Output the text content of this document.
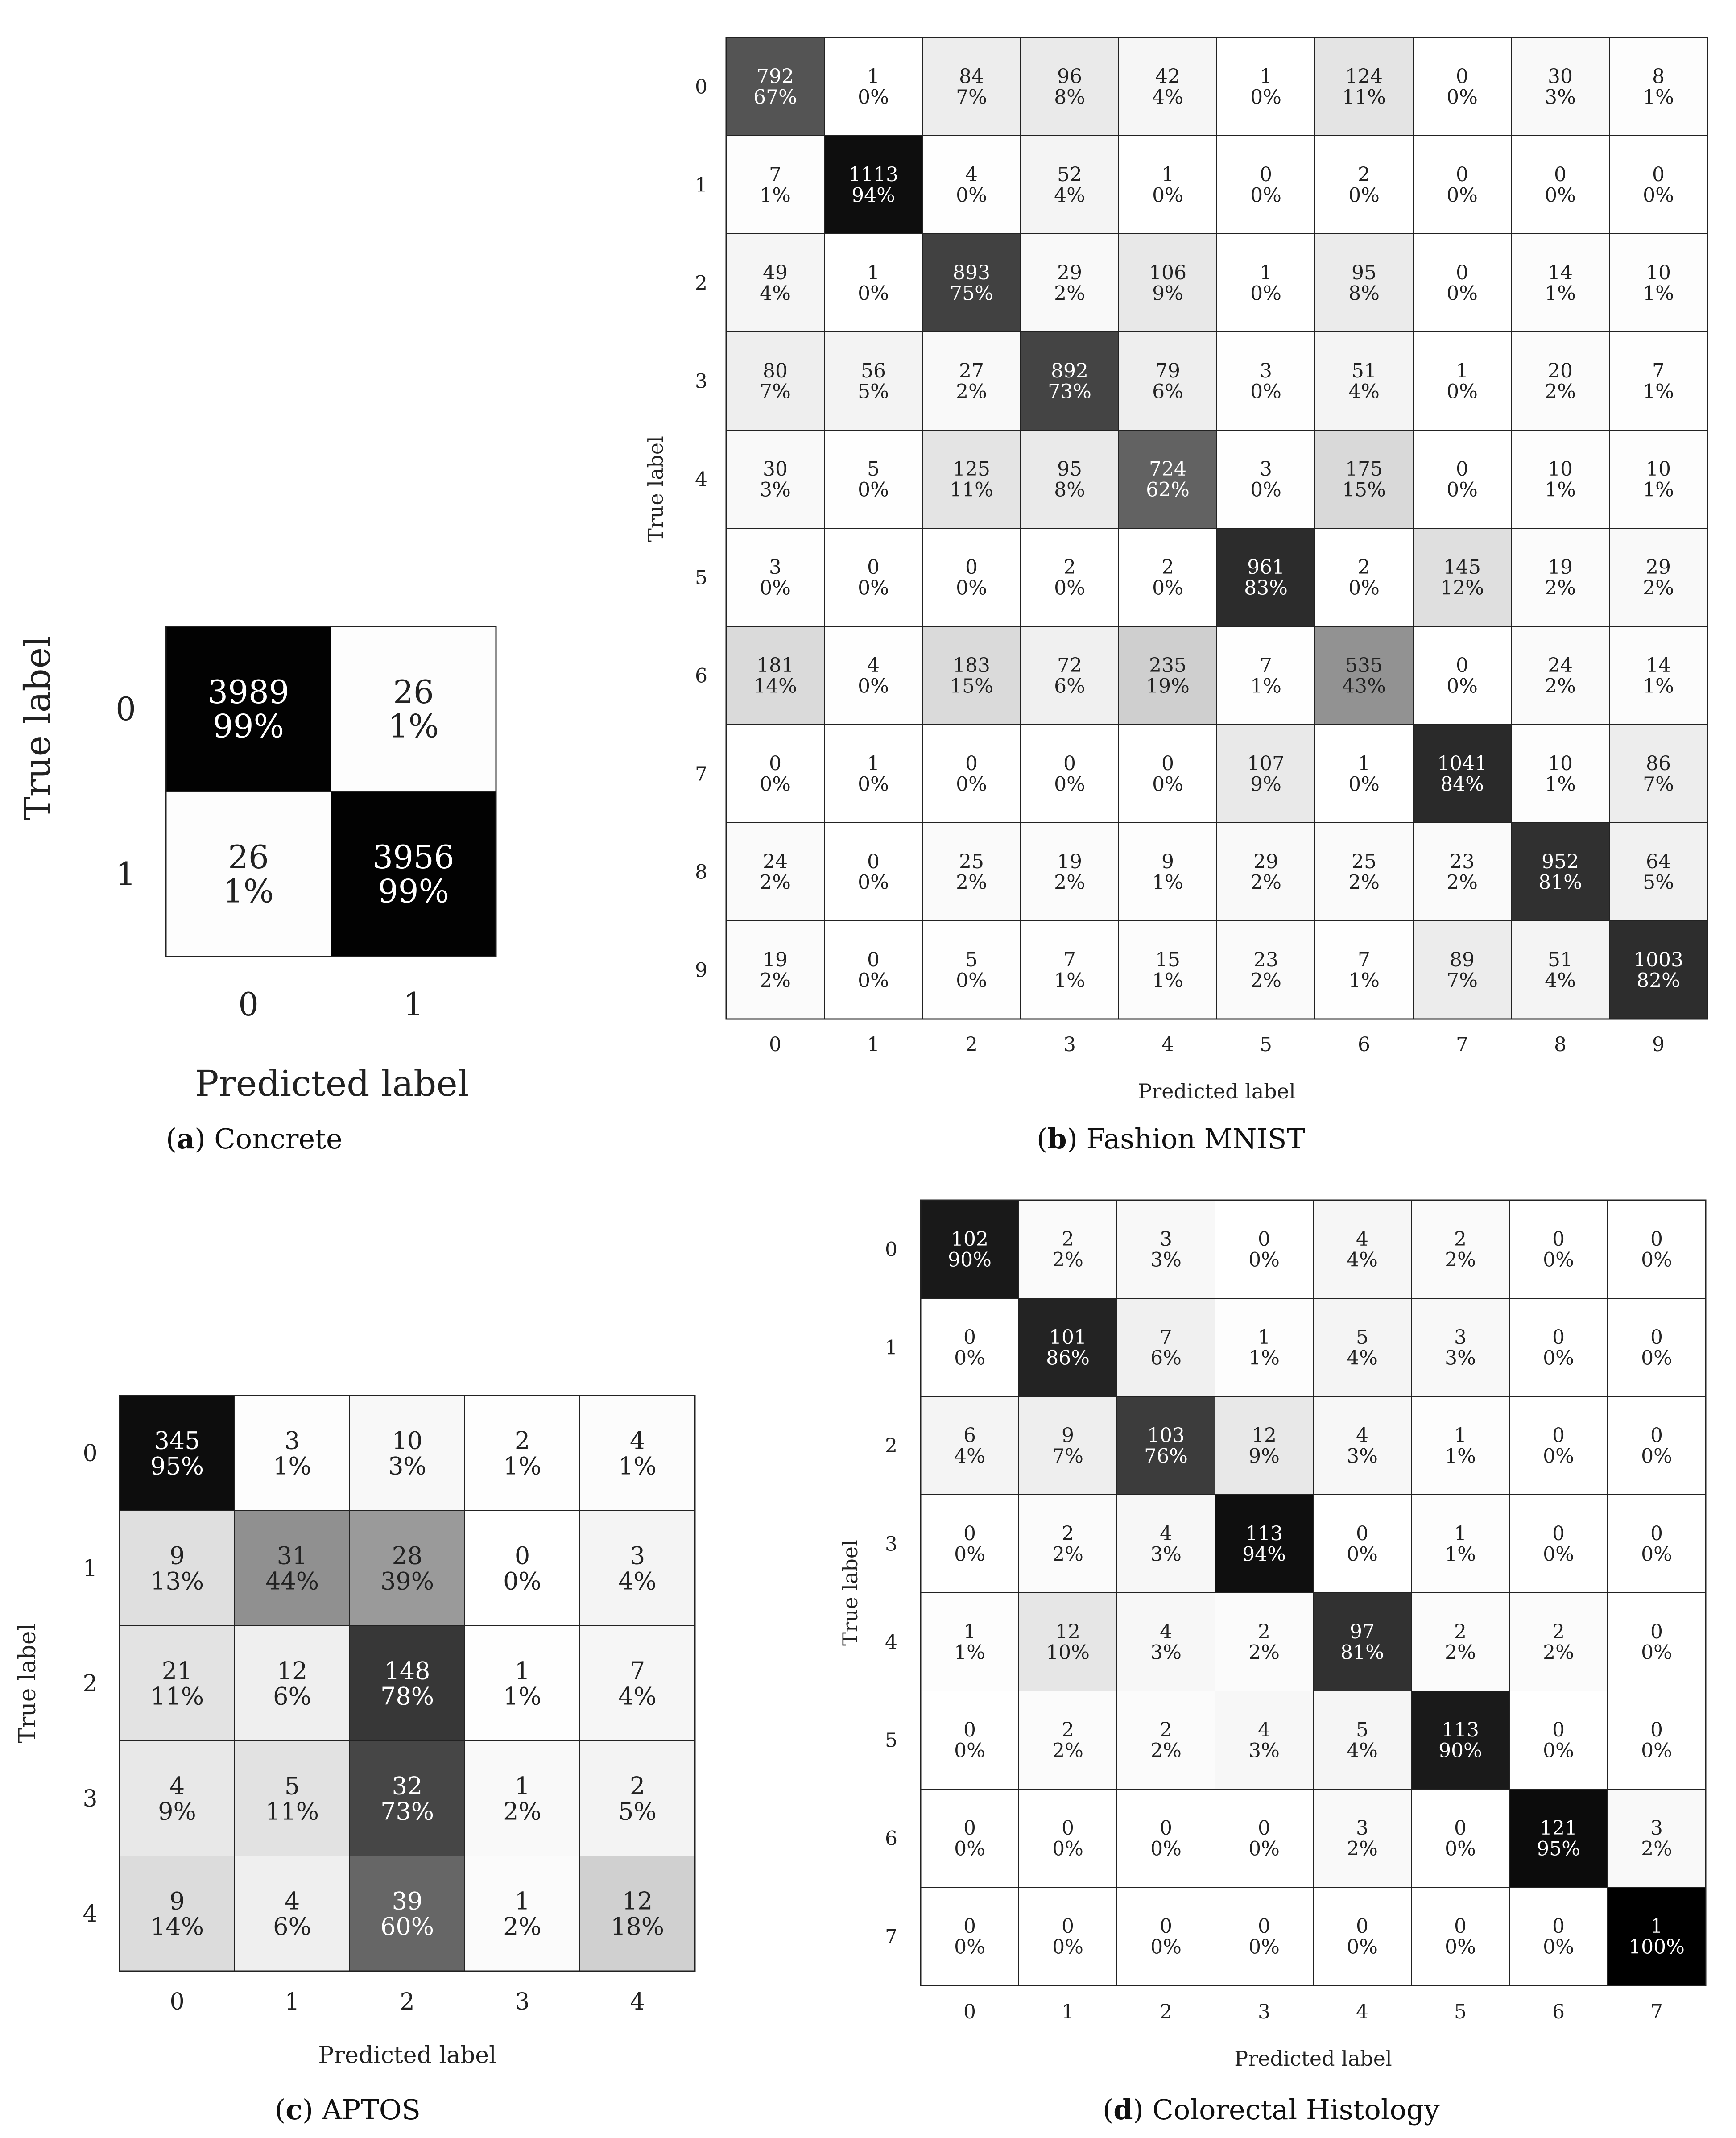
3989
99%
26
1%
26
1%
3956
99%
0
0
1
1
Predicted label
True label
792
67%
1
0%
84
7%
96
8%
42
4%
1
0%
124
11%
0
0%
30
3%
8
1%
7
1%
1113
94%
4
0%
52
4%
1
0%
0
0%
2
0%
0
0%
0
0%
0
0%
49
4%
1
0%
893
75%
29
2%
106
9%
1
0%
95
8%
0
0%
14
1%
10
1%
80
7%
56
5%
27
2%
892
73%
79
6%
3
0%
51
4%
1
0%
20
2%
7
1%
30
3%
5
0%
125
11%
95
8%
724
62%
3
0%
175
15%
0
0%
10
1%
10
1%
3
0%
0
0%
0
0%
2
0%
2
0%
961
83%
2
0%
145
12%
19
2%
29
2%
181
14%
4
0%
183
15%
72
6%
235
19%
7
1%
535
43%
0
0%
24
2%
14
1%
0
0%
1
0%
0
0%
0
0%
0
0%
107
9%
1
0%
1041
84%
10
1%
86
7%
24
2%
0
0%
25
2%
19
2%
9
1%
29
2%
25
2%
23
2%
952
81%
64
5%
19
2%
0
0%
5
0%
7
1%
15
1%
23
2%
7
1%
89
7%
51
4%
1003
82%
0
0
1
1
2
2
3
3
4
4
5
5
6
6
7
7
8
8
9
9
Predicted label
True label
345
95%
3
1%
10
3%
2
1%
4
1%
9
13%
31
44%
28
39%
0
0%
3
4%
21
11%
12
6%
148
78%
1
1%
7
4%
4
9%
5
11%
32
73%
1
2%
2
5%
9
14%
4
6%
39
60%
1
2%
12
18%
0
0
1
1
2
2
3
3
4
4
Predicted label
True label
102
90%
2
2%
3
3%
0
0%
4
4%
2
2%
0
0%
0
0%
0
0%
101
86%
7
6%
1
1%
5
4%
3
3%
0
0%
0
0%
6
4%
9
7%
103
76%
12
9%
4
3%
1
1%
0
0%
0
0%
0
0%
2
2%
4
3%
113
94%
0
0%
1
1%
0
0%
0
0%
1
1%
12
10%
4
3%
2
2%
97
81%
2
2%
2
2%
0
0%
0
0%
2
2%
2
2%
4
3%
5
4%
113
90%
0
0%
0
0%
0
0%
0
0%
0
0%
0
0%
3
2%
0
0%
121
95%
3
2%
0
0%
0
0%
0
0%
0
0%
0
0%
0
0%
0
0%
1
100%
0
0
1
1
2
2
3
3
4
4
5
5
6
6
7
7
Predicted label
True label
(a) Concrete	(b) Fashion MNIST
(c) APTOS	(d) Colorectal Histology
